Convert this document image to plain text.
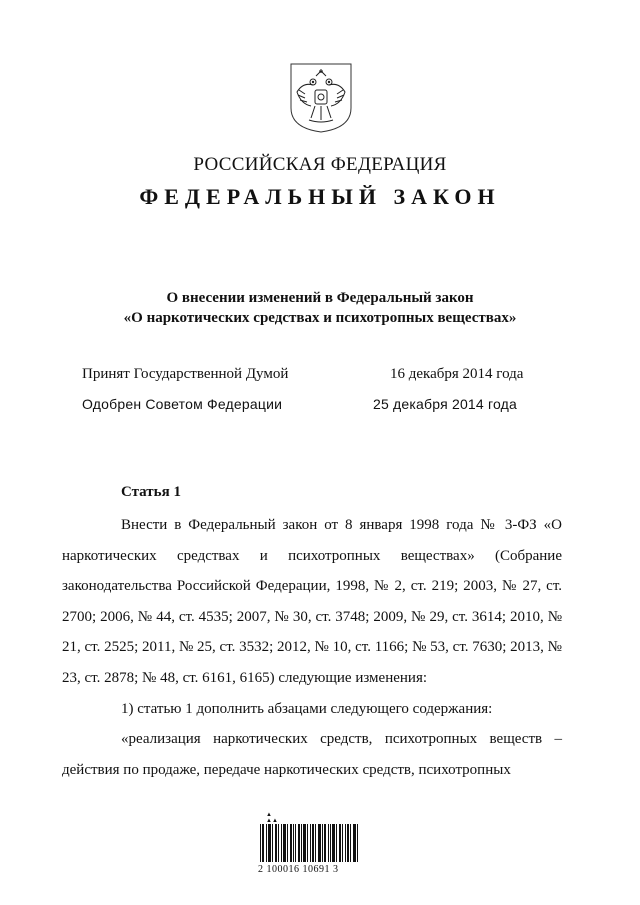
РОССИЙСКАЯ ФЕДЕРАЦИЯ
ФЕДЕРАЛЬНЫЙ ЗАКОН
О внесении изменений в Федеральный закон
«О наркотических средствах и психотропных веществах»
Принят Государственной Думой	16 декабря 2014 года
Одобрен Советом Федерации	25 декабря 2014 года
Статья 1

Внести в Федеральный закон от 8 января 1998 года № 3-ФЗ «О наркотических средствах и психотропных веществах» (Собрание законодательства Российской Федерации, 1998, № 2, ст. 219; 2003, № 27, ст. 2700; 2006, № 44, ст. 4535; 2007, № 30, ст. 3748; 2009, № 29, ст. 3614; 2010, № 21, ст. 2525; 2011, № 25, ст. 3532; 2012, № 10, ст. 1166; № 53, ст. 7630; 2013, № 23, ст. 2878; № 48, ст. 6161, 6165) следующие изменения:

1) статью 1 дополнить абзацами следующего содержания:

«реализация наркотических средств, психотропных веществ – действия по продаже, передаче наркотических средств, психотропных

▲
▲▲
2 100016 10691 3
